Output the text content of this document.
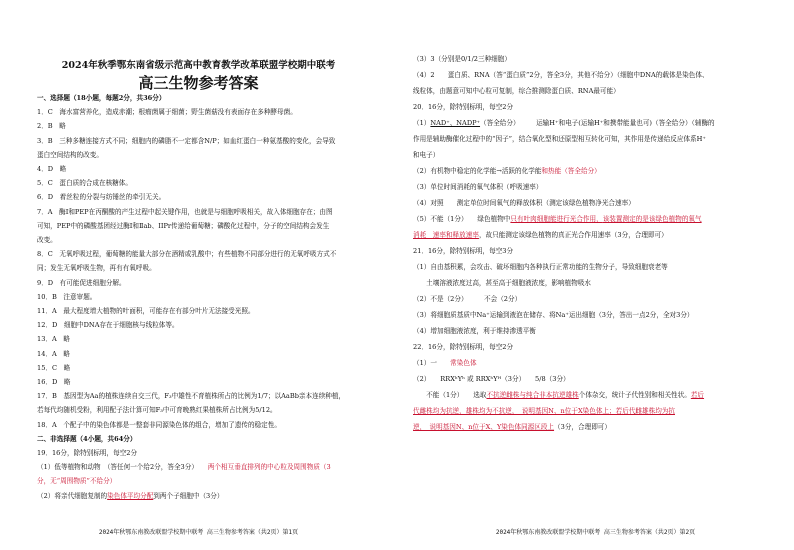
2024年秋季鄂东南省级示范高中教育教学改革联盟学校期中联考
高三生物参考答案
一、选择题（18小题，每题2分，共36分）
1．C　海水富营养化，造成赤潮；根瘤菌属于细菌；野生菌菇没有表面存在多种酵母菌。
2．B　略
3．B　三种多糖连接方式不同；细胞内的磷脂不一定都含N/P；如血红蛋白一种氨基酸的变化，会导致
蛋白空间结构的改变。
4．D　略
5．C　蛋白质的合成在核糖体。
6．D　着丝粒的分裂与纺锤丝的牵引无关。
7．A　酶Ⅰ和PEP在丙酮酸的产生过程中起关键作用，也就是与细胞呼吸相关，故入体细胞存在；由图
可知，PEP中的磷酸基团经过酶Ⅰ和Ⅱab、IIPr传递给葡萄糖；磷酸化过程中，分子的空间结构会发生
改变。
8．C　无氧呼吸过程，葡萄糖的能量大部分在酒精或乳酸中；有些植物不同部分进行的无氧呼吸方式不
同；发生无氧呼吸生物，再有有氧呼吸。
9．D　有可能促进细胞分解。
10．B　注意审题。
11．A　最大程度增大植物的叶面积，可能存在有部分叶片无法接受光照。
12．D　细胞中DNA存在于细胞核与线粒体等。
13．A　略
14．A　略
15．C　略
16．D　略
17．B　基因型为Aa的植株连续自交三代，F₃中雄性不育植株所占的比例为1/7；以AaBb亲本连续种植，
若每代均随机受粉，利用配子法计算可知F₃中可育晚熟红果植株所占比例为5/12。
18．A　个配子中的染色体都是一整套非同源染色体的组合，增加了遗传的稳定性。
二、非选择题（4小题，共64分）
19．16分，除特别标明，每空2分
（1）低等植物和动物　（答任何一个给2分，答全3分）　　两个相互垂直排列的中心粒及周围物质（3
分，无“周围物质”不给分）
（2）将亲代细胞复制的染色体平均分配到两个子细胞中（3分）
2024年秋鄂东南教改联盟学校期中联考 高三生物参考答案（共2页）第1页
（3）3（分别是0/1/2三种细胞）
（4）2　　蛋白质、RNA（答“蛋白质”2分，答全3分，其他不给分）（细胞中DNA的载体是染色体、
线粒体，由题意可知中心粒可复制，综合推测除蛋白质、RNA最可能）
20．16分，除特别标明，每空2分
（1）NAD⁺、NADP⁺（答全给分）　　　运输H⁺和电子(运输H⁺和携带能量也可)（答全给分）（辅酶的
作用是辅助酶催化过程中的“因子”，结合氧化型和还原型相互转化可知，其作用是传递给反应体系H⁺
和电子）
（2）有机物中稳定的化学能→活跃的化学能和热能（答全给分）
（3）单位时间消耗的氧气体积（呼吸速率）
（4）对照　　测定单位时间氧气的释放体积（测定该绿色植物净光合速率）
（5）不能（1分）　　绿色植物中只有叶肉细胞能进行光合作用，该装置测定的是该绿色植物的氧气
消耗　速率和释放速率，故只能测定该绿色植物的真正光合作用速率（3分，合理即可）
21．16分，除特别标明，每空3分
（1）自由基积累，会攻击、破坏细胞内各种执行正常功能的生物分子，导致细胞衰老等
　　土壤溶液浓度过高，甚至高于细胞液浓度，影响植物吸水
（2）不是（2分）　　　不会（2分）
（3）将细胞质基质中Na⁺运输到液泡在储存、将Na⁺运出细胞（3分，答出一点2分，全对3分）
（4）增加细胞液浓度，利于维持渗透平衡
22．16分，除特别标明，每空2分
（1）一　　常染色体
（2）　　RRXʰYʰ 或 RRXʰYᴴ（3分）　　5/8（3分）
　　不能（1分）　　选取不抗逆雌株与纯合非本抗逆雄株个体杂交，统计子代性别和相关性状。若后
代雌株均为抗逆，雄株均为不抗逆，　说明基因N、n位于X染色体上；若后代雌雄株均为抗
逆，　说明基因N、n位于X、Y染色体同源区段上（3分，合理即可）
2024年秋鄂东南教改联盟学校期中联考 高三生物参考答案（共2页）第2页
